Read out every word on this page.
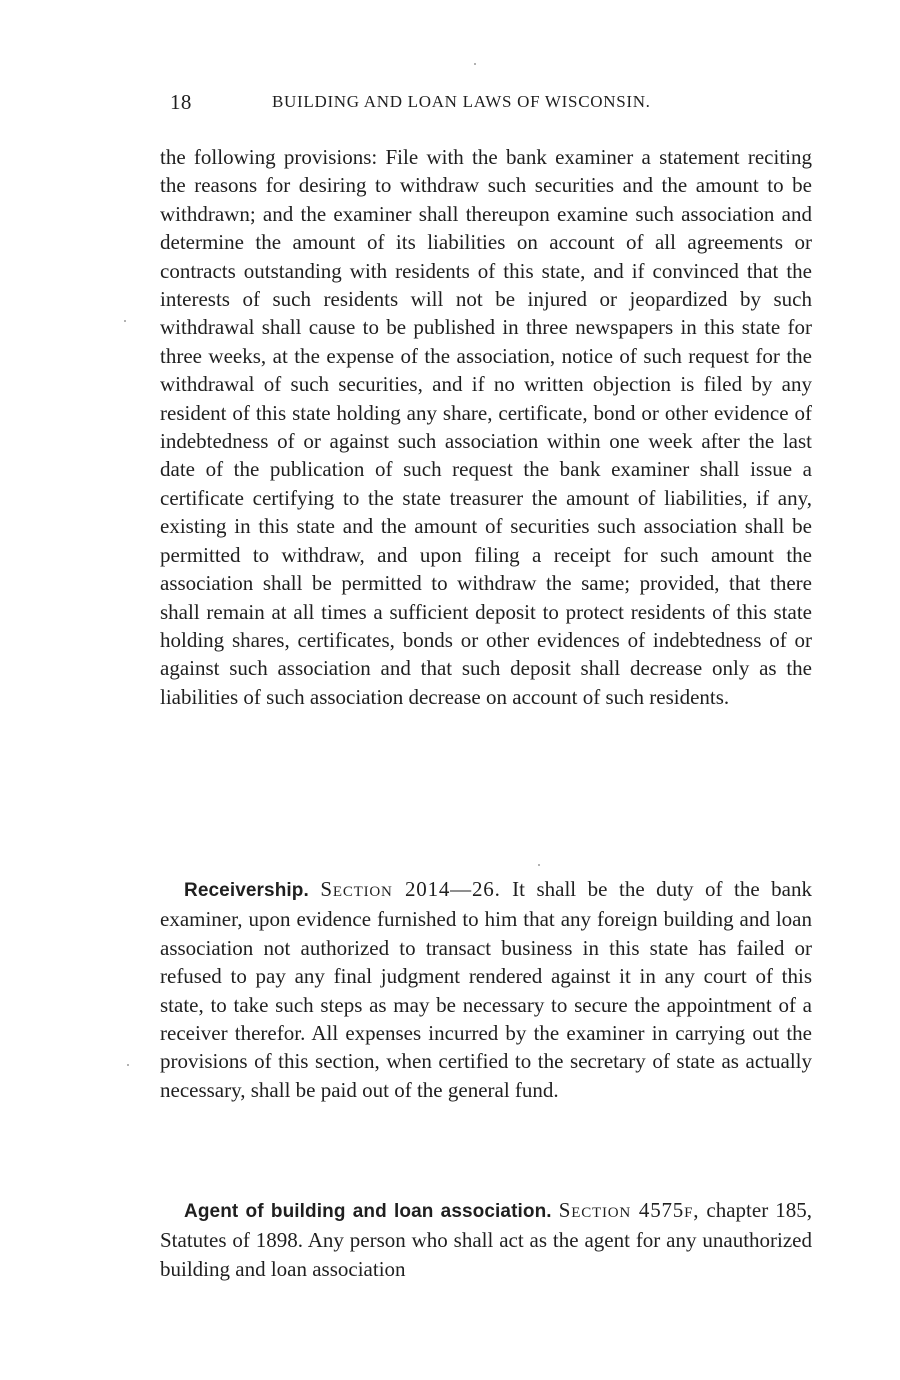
18	BUILDING AND LOAN LAWS OF WISCONSIN.

the following provisions: File with the bank examiner a statement reciting the reasons for desiring to withdraw such securities and the amount to be withdrawn; and the examiner shall thereupon examine such association and determine the amount of its liabilities on account of all agreements or contracts outstanding with residents of this state, and if convinced that the interests of such residents will not be injured or jeopardized by such withdrawal shall cause to be published in three newspapers in this state for three weeks, at the expense of the association, notice of such request for the withdrawal of such securities, and if no written objection is filed by any resident of this state holding any share, certificate, bond or other evidence of indebtedness of or against such association within one week after the last date of the publication of such request the bank examiner shall issue a certificate certifying to the state treasurer the amount of liabilities, if any, existing in this state and the amount of securities such association shall be permitted to withdraw, and upon filing a receipt for such amount the association shall be permitted to withdraw the same; provided, that there shall remain at all times a sufficient deposit to protect residents of this state holding shares, certificates, bonds or other evidences of indebtedness of or against such association and that such deposit shall decrease only as the liabilities of such association decrease on account of such residents.

Receivership. Section 2014—26. It shall be the duty of the bank examiner, upon evidence furnished to him that any foreign building and loan association not authorized to transact business in this state has failed or refused to pay any final judgment rendered against it in any court of this state, to take such steps as may be necessary to secure the appointment of a receiver therefor. All expenses incurred by the examiner in carrying out the provisions of this section, when certified to the secretary of state as actually necessary, shall be paid out of the general fund.

Agent of building and loan association. Section 4575f, chapter 185, Statutes of 1898. Any person who shall act as the agent for any unauthorized building and loan association
